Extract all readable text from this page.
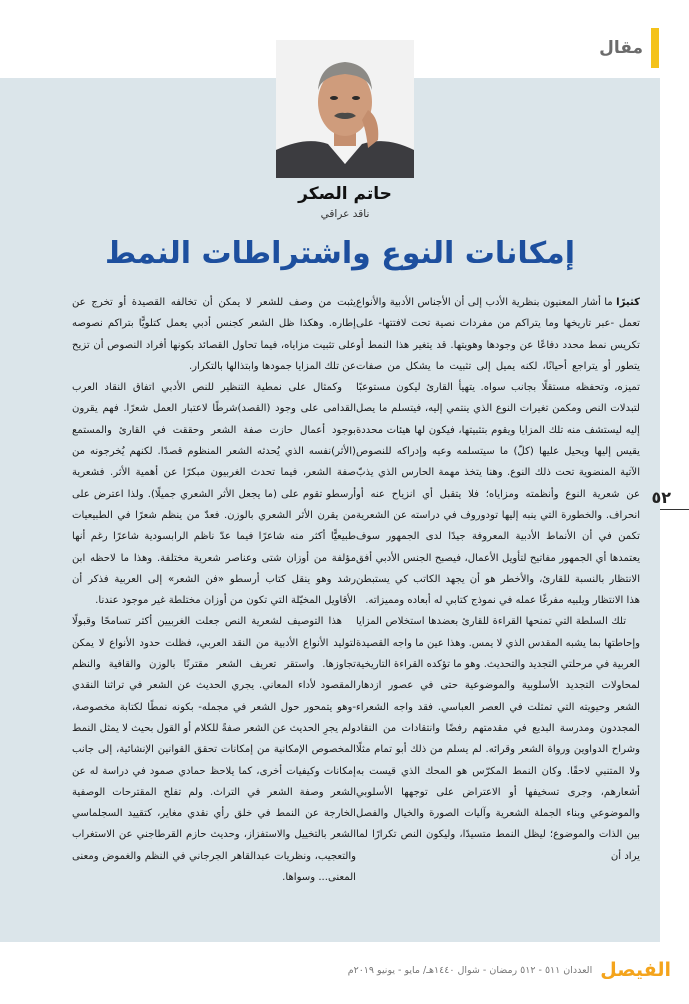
مقال
حاتم الصكر
ناقد عراقي
إمكانات النوع واشتراطات النمط

كثيرًا ما أشار المعنيون بنظرية الأدب إلى أن الأجناس الأدبية والأنواع تعمل -عبر تاريخها وما يتراكم من مفردات نصية تحت لافتتها- على تكريس نمط محدد دفاعًا عن وجودها وهويتها. قد يتغير هذا النمط أو يتطور أو يتراجع أحيانًا، لكنه يميل إلى تثبيت ما يشكل من صفات تميزه، وتحفظه مستقلًا بجانب سواه. يتهيأ القارئ ليكون مستوعبًا لتبدلات النص ومكمن تغيرات النوع الذي ينتمي إليه، فيتسلم ما يصل إليه ليستشف منه تلك المزايا ويقوم بتثبيتها، فيكون لها هيئات محددة يقيس إليها ويحيل عليها (كلّ) ما سيتسلمه وعيه وإدراكه للنصوص الآتية المنضوية تحت ذلك النوع. وهنا يتخذ مهمة الحارس الذي يذبّ عن شعرية النوع وأنظمته ومزاياه؛ فلا يتقبل أي انزياح عنه أو انحراف. والخطورة التي ينبه إليها تودوروف في دراسته عن الشعرية تكمن في أن الأنماط الأدبية المعروفة جيدًا لدى الجمهور سوف يعتمدها أي الجمهور مفاتيح لتأويل الأعمال، فيصبح الجنس الأدبي أفق الانتظار بالنسبة للقارئ، والأخطر هو أن يجهد الكاتب كي يستبطن هذا الانتظار ويلبيه مفرغًا عمله في نموذج كتابي له أبعاده ومميزاته.

تلك السلطة التي تمنحها القراءة للقارئ بعضدها استخلاص المزايا وإحاطتها بما يشبه المقدس الذي لا يمس. وهذا عين ما واجه القصيدة العربية في مرحلتي التجديد والتحديث. وهو ما تؤكده القراءة التاريخية لمحاولات التجديد الأسلوبية والموضوعية حتى في عصور ازدهار الشعر وحيويته التي تمثلت في العصر العباسي. فقد واجه الشعراء المجددون ومدرسة البديع في مقدمتهم رفضًا وانتقادات من النقاد وشراح الدواوين ورواة الشعر وقرائه. لم يسلم من ذلك أبو تمام مثلًا ولا المتنبي لاحقًا. وكان النمط المكرّس هو المحك الذي قيست به أشعارهم، وجرى تسخيفها أو الاعتراض على توجهها الأسلوبي والموضوعي وبناء الجملة الشعرية وآليات الصورة والخيال والفصل بين الذات والموضوع؛ ليظل النمط متسيدًا، وليكون النص تكرارًا لما يراد أن

يثبت من وصف للشعر لا يمكن أن تخالفه القصيدة أو تخرج عن إطاره. وهكذا ظل الشعر كجنس أدبي يعمل كتلويًّا بتراكم نصوصه على تثبيت مزاياه، فيما تحاول القصائد بكونها أفراد النصوص أن تزيح عن تلك المزايا جمودها وابتذالها بالتكرار.

وكمثال على نمطية التنظير للنص الأدبي اتفاق النقاد العرب القدامى على وجود (القصد)شرطًا لاعتبار العمل شعرًا. فهم يقرون بوجود أعمال حازت صفة الشعر وحققت في القارئ والمستمع (الأثر)نفسه الذي يُحدثه الشعر المنظوم قصدًا. لكنهم يُخرجونه من صفة الشعر، فيما تحدث الغربيون مبكرًا عن أهمية الأثر. فشعرية أرسطو تقوم على (ما يجعل الأثر الشعري جميلًا). ولذا اعترض على من يقرن الأثر الشعري بالوزن. فعدّ من ينظم شعرًا في الطبيعيات طبيعيًّا أكثر منه شاعرًا فيما عدّ ناظم الرابسودية شاعرًا رغم أنها مؤلفة من أوزان شتى وعناصر شعرية مختلفة. وهذا ما لاحظه ابن رشد وهو ينقل كتاب أرسطو «فن الشعر» إلى العربية فذكر أن الأقاويل المخيّلة التي تكون من أوزان مختلطة غير موجود عندنا.

هذا التوصيف لشعرية النص جعلت الغربيين أكثر تسامحًا وقبولًا لتوليد الأنواع الأدبية من النقد العربي، فظلت حدود الأنواع لا يمكن تجاوزها. واستقر تعريف الشعر مقترنًا بالوزن والقافية والنظم المقصود لأداء المعاني. يجري الحديث عن الشعر في تراثنا النقدي -وهو يتمحور حول الشعر في مجمله- بكونه نمطًا لكتابة مخصوصة، ولم يجرِ الحديث عن الشعر صفةً للكلام أو القول بحيث لا يمثل النمط المخصوص الإمكانية من إمكانات تحقق القوانين الإنشائية، إلى جانب إمكانات وكيفيات أخرى، كما يلاحظ حمادي صمود في دراسة له عن الشعر وصفة الشعر في التراث. ولم تفلح المقترحات الوصفية الخارجة عن النمط في خلق رأي نقدي مغاير، كتقييد السجلماسي الشعر بالتخييل والاستفزاز، وحديث حازم القرطاجني عن الاستغراب والتعجيب، ونظريات عبدالقاهر الجرجاني في النظم والغموض ومعنى المعنى... وسواها.

٥٢
الفيصل
العددان ٥١١ - ٥١٢ رمضان - شوال ١٤٤٠هـ/ مايو - يونيو ٢٠١٩م
